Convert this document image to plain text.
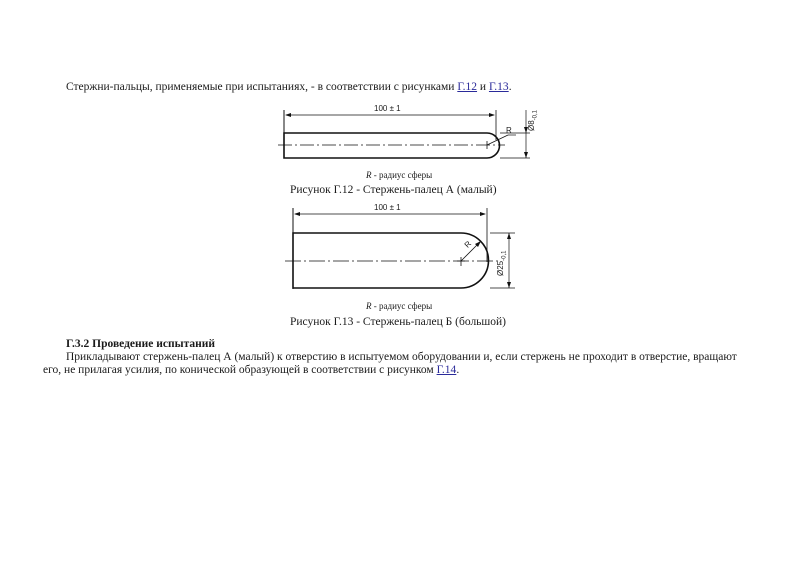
Стержни-пальцы, применяемые при испытаниях, - в соответствии с рисунками Г.12 и Г.13.
100 ± 1
R $Ø8_{-0,1}$
R - радиус сферы
Рисунок Г.12 - Стержень-палец А (малый)
100 ± 1
R
$Ø25_{-0,1}$
R - радиус сферы
Рисунок Г.13 - Стержень-палец Б (большой)
Г.3.2 Проведение испытаний
Прикладывают стержень-палец А (малый) к отверстию в испытуемом оборудовании и, если стержень не проходит в отверстие, вращают
его, не прилагая усилия, по конической образующей в соответствии с рисунком Г.14.
